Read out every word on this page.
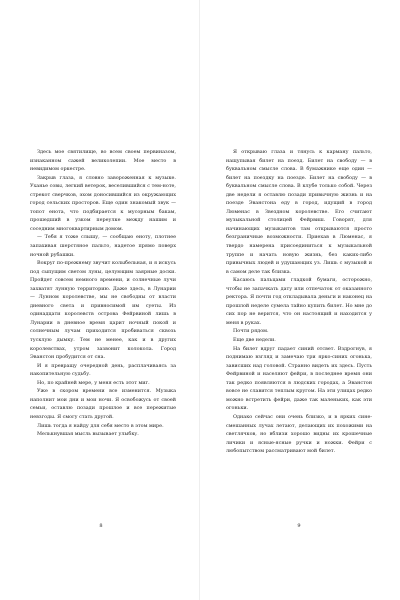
Здесь мое святилище, во всем своем первиназом, изнаканном сажей великолепии. Мое место в невидимом оркестре.

Закрыв глаза, я словно завороженная к музыке. Уханье совы, легкий ветерок, веселившийся с тем-ноте, стрекот сверчков, эхом доносившийся из окружающих город сельских просторов. Еще один знакомый звук — топот енота, что подбирается к мусорным бакам, прошедший в узком переулке между нашим и соседним многоквартирным домом.

— Тебя я тоже слышу, — сообщаю еноту, плотнее запахивая шерстяное пальто, надетое прямо поверх ночной рубашки.

Вокруг по-прежнему звучит колыбельная, и я искусь под сыпущим светом луны, целующим заярные доски. Пройдет совсем немного времени, и солнечные лучи захватят лунную территорию. Даже здесь, в Лунарии — Лунном королевстве, мы не свободны от власти дневного света и привносимой им суеты. Из одинадцати королевств острова Фейрвиной лишь в Лунарии в дневное время царит ночный покой и солнечным лучам приходится пробиваться сквозь тусклую дымку. Тем не менее, как и в других королевствах, утром зазвонит колокола. Город Эванстон пробудится от сна.

И я превращу очередной день, расплачиваясь за накопительную судьбу.

Но, по крайней мере, у меня есть этот миг.

Уже в скором времени все изменится. Музыка наполнит мои дни и мои ночи. Я освобожусь от своей семьи, оставлю позади прошлое и все пережитые невзгоды. Я смогу стать другой.

Лишь тогда я найду для себя место в этом мире.

Мелькнувшая мысль вызывает улыбку.

8

Я открываю глаза и тянусь к карману пальто, нащупывая билет на поезд. Билет на свободу — в буквальном смысле слова. В бумажнике еще один — билет на поездку на поезде. Билет на свободу — в буквальном смысле слова. В клубе только собой. Через две недели я оставлю позади привычную жизнь и на поезде Эванстона еду в город, идущий в город Люменас в Звездном королевстве. Его считают музыкальной столицей Фейрвиш. Говорят, для начинающих музыкантов там открываются просто безграничные возможности. Приехав в Люменас, я твердо намерена присоединиться к музыкальной труппе и начать новую жизнь, без каких-либо привычных людей и удушающих уз. Лишь с музыкой и в самом деле так близка.

Касаюсь пальцами гладкой бумаги, осторожно, чтобы не запачкать дату или отпечаток от оказанного ректора. Я почти год откладывала деньги и наконец на прошлой неделе сумела тайно купить билет. Но мне до сих пор не верится, что он настоящий и находится у меня в руках.

Почти рядом.

Еще две недели.

На билет вдруг падает синий отсвет. Вздрогнув, я поднимаю взгляд и замечаю три ярко-синих огонька, зависших над головой. Странно видеть их здесь. Пусть Фейрвиной и населяют фейри, в последнее время они так редко появляются в людских городах, а Эванстон вовсе не славится теплым кругом. На эти улицах редко можно встретить фейри, даже так маленьких, как эти огоньки.

Однако сейчас они очень близко, и в ярких сине-смешанных лучах летают, делающих их похожими на светлячков, но вблизи хорошо видны их крошечные личики и ясные-ясные ручки и ножки. Фейри с любопытством рассматривают мой билет.

9
